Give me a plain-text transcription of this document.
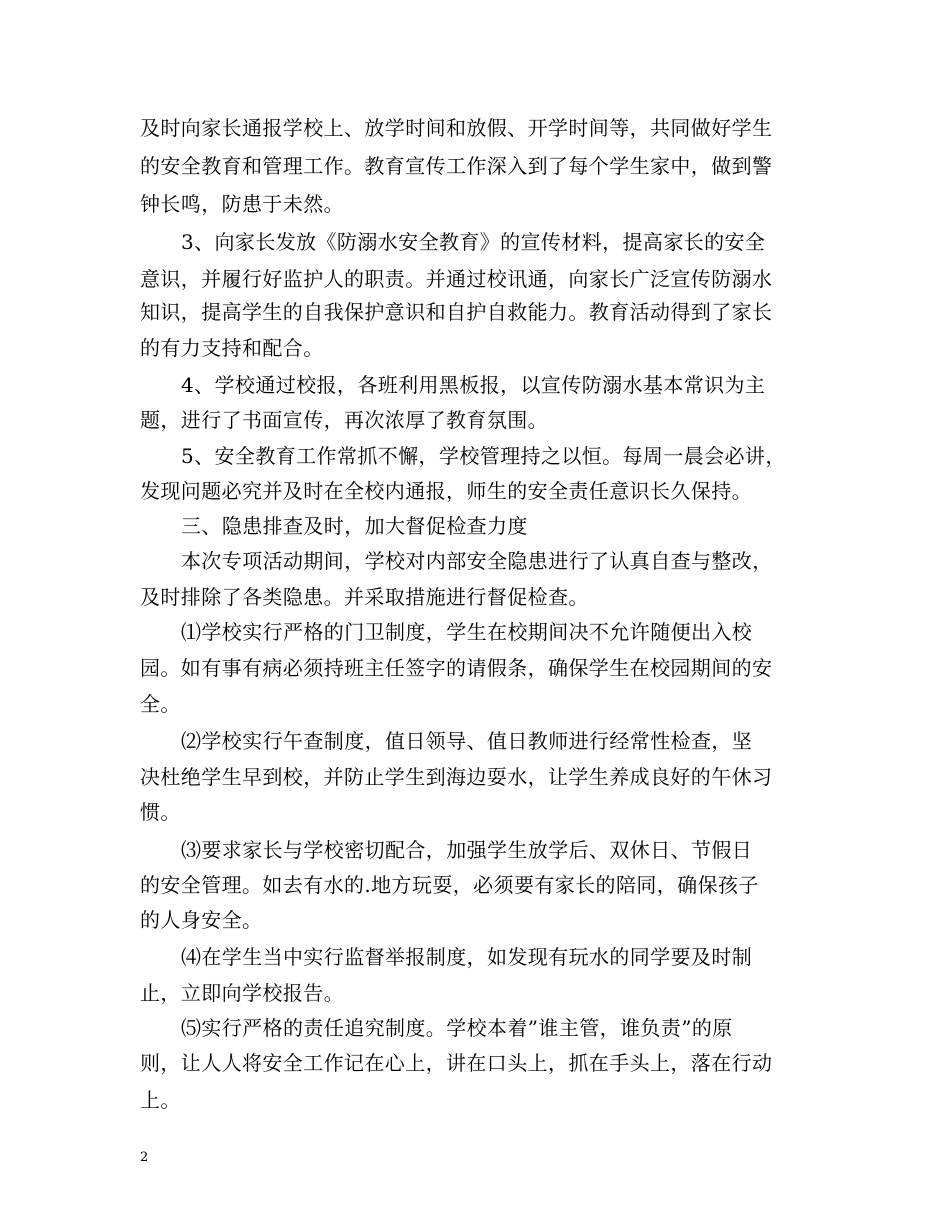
及时向家长通报学校上、放学时间和放假、开学时间等，共同做好学生
的安全教育和管理工作。教育宣传工作深入到了每个学生家中，做到警
钟长鸣，防患于未然。
3、向家长发放《防溺水安全教育》的宣传材料，提高家长的安全
意识，并履行好监护人的职责。并通过校讯通，向家长广泛宣传防溺水
知识，提高学生的自我保护意识和自护自救能力。教育活动得到了家长
的有力支持和配合。
4、学校通过校报，各班利用黑板报，以宣传防溺水基本常识为主
题，进行了书面宣传，再次浓厚了教育氛围。
5、安全教育工作常抓不懈，学校管理持之以恒。每周一晨会必讲，
发现问题必究并及时在全校内通报，师生的安全责任意识长久保持。
三、隐患排查及时，加大督促检查力度
本次专项活动期间，学校对内部安全隐患进行了认真自查与整改，
及时排除了各类隐患。并采取措施进行督促检查。
⑴学校实行严格的门卫制度，学生在校期间决不允许随便出入校
园。如有事有病必须持班主任签字的请假条，确保学生在校园期间的安
全。
⑵学校实行午查制度，值日领导、值日教师进行经常性检查，坚
决杜绝学生早到校，并防止学生到海边耍水，让学生养成良好的午休习
惯。
⑶要求家长与学校密切配合，加强学生放学后、双休日、节假日
的安全管理。如去有水的.地方玩耍，必须要有家长的陪同，确保孩子
的人身安全。
⑷在学生当中实行监督举报制度，如发现有玩水的同学要及时制
止，立即向学校报告。
⑸实行严格的责任追究制度。学校本着”谁主管，谁负责”的原
则，让人人将安全工作记在心上，讲在口头上，抓在手头上，落在行动
上。
2
